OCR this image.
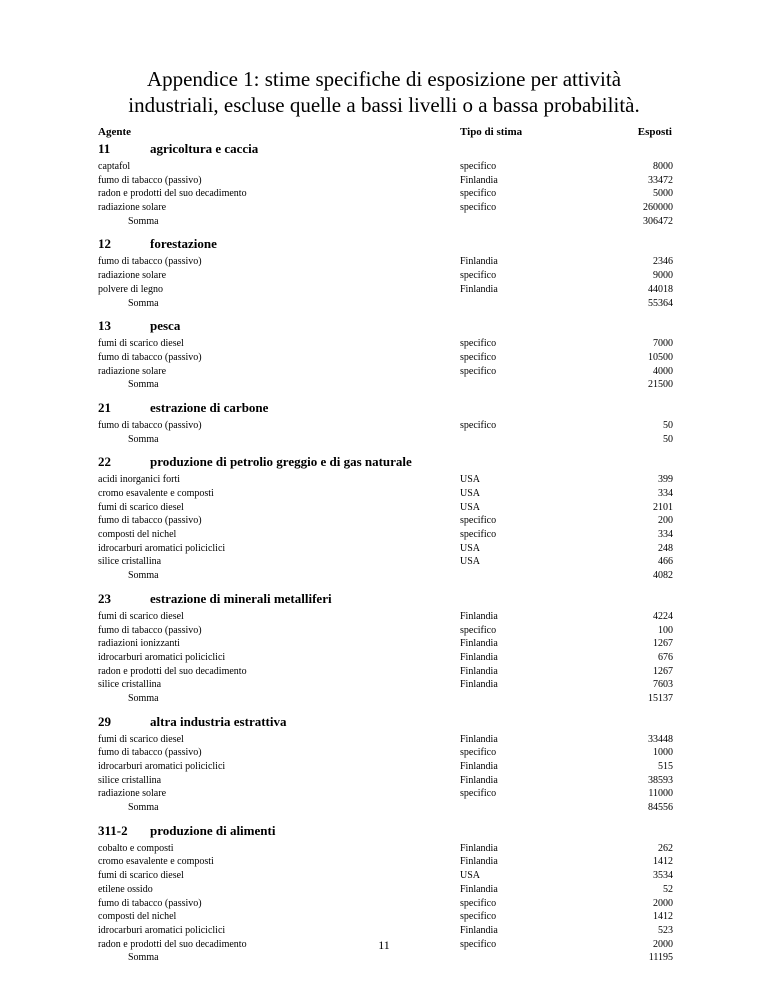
Appendice 1: stime specifiche di esposizione per attività
industriali, escluse quelle a bassi livelli o a bassa probabilità.
Agente	Tipo di stima	Esposti
11	agricoltura e caccia
captafol	specifico	8000
fumo di tabacco (passivo)	Finlandia	33472
radon e prodotti del suo decadimento	specifico	5000
radiazione solare	specifico	260000
Somma	306472
12	forestazione
fumo di tabacco (passivo)	Finlandia	2346
radiazione solare	specifico	9000
polvere di legno	Finlandia	44018
Somma	55364
13	pesca
fumi di scarico diesel	specifico	7000
fumo di tabacco (passivo)	specifico	10500
radiazione solare	specifico	4000
Somma	21500
21	estrazione di carbone
fumo di tabacco (passivo)	specifico	50
Somma	50
22	produzione di petrolio greggio e di gas naturale
acidi inorganici forti	USA	399
cromo esavalente e composti	USA	334
fumi di scarico diesel	USA	2101
fumo di tabacco (passivo)	specifico	200
composti del nichel	specifico	334
idrocarburi aromatici policiclici	USA	248
silice cristallina	USA	466
Somma	4082
23	estrazione di minerali metalliferi
fumi di scarico diesel	Finlandia	4224
fumo di tabacco (passivo)	specifico	100
radiazioni ionizzanti	Finlandia	1267
idrocarburi aromatici policiclici	Finlandia	676
radon e prodotti del suo decadimento	Finlandia	1267
silice cristallina	Finlandia	7603
Somma	15137
29	altra industria estrattiva
fumi di scarico diesel	Finlandia	33448
fumo di tabacco (passivo)	specifico	1000
idrocarburi aromatici policiclici	Finlandia	515
silice cristallina	Finlandia	38593
radiazione solare	specifico	11000
Somma	84556
311-2	produzione di alimenti
cobalto e composti	Finlandia	262
cromo esavalente e composti	Finlandia	1412
fumi di scarico diesel	USA	3534
etilene ossido	Finlandia	52
fumo di tabacco (passivo)	specifico	2000
composti del nichel	specifico	1412
idrocarburi aromatici policiclici	Finlandia	523
radon e prodotti del suo decadimento	specifico	2000
Somma	11195
11
